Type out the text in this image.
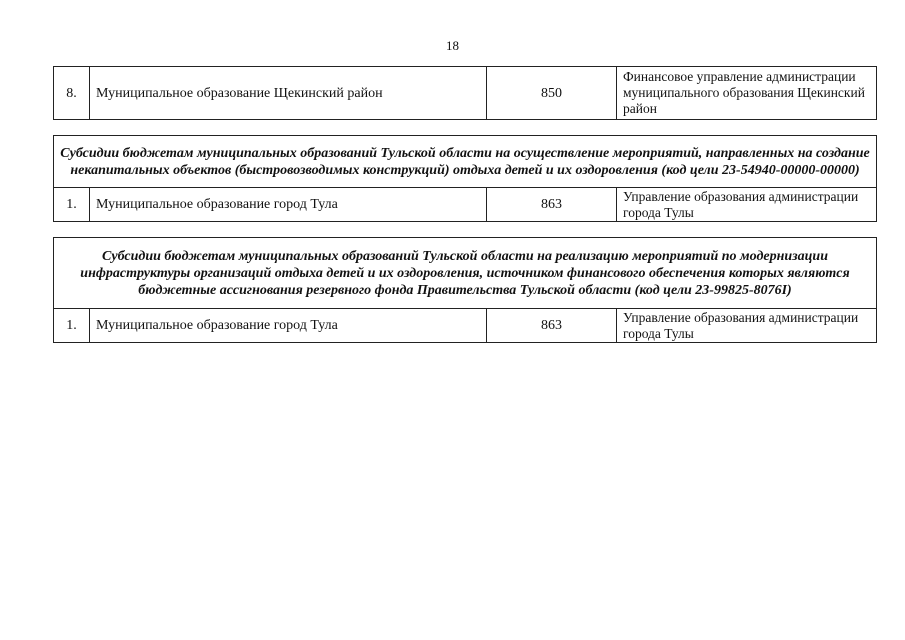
18
8.	Муниципальное образование Щекинский район	850	Финансовое управление администрации муниципального образования Щекинский район
Субсидии бюджетам муниципальных образований Тульской области на осуществление мероприятий, направленных на создание некапитальных объектов (быстровозводимых конструкций) отдыха детей и их оздоровления (код цели 23-54940-00000-00000)
1.	Муниципальное образование город Тула	863	Управление образования администрации города Тулы
Субсидии бюджетам муниципальных образований Тульской области на реализацию мероприятий по модернизации инфраструктуры организаций отдыха детей и их оздоровления, источником финансового обеспечения которых являются бюджетные ассигнования резервного фонда Правительства Тульской области (код цели 23-99825-8076I)
1.	Муниципальное образование город Тула	863	Управление образования администрации города Тулы
